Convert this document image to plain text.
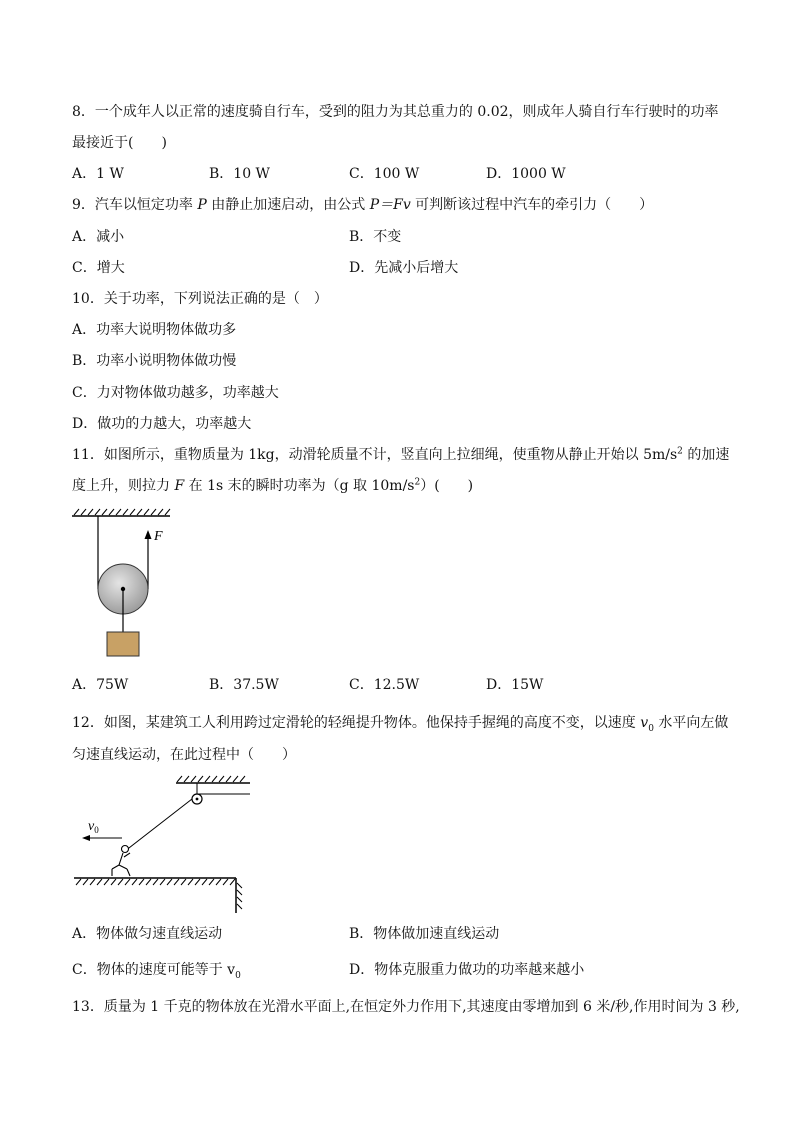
8．一个成年人以正常的速度骑自行车，受到的阻力为其总重力的 0.02，则成年人骑自行车行驶时的功率
最接近于(　　)
A．1 W	B．10 W	C．100 W	D．1000 W
9．汽车以恒定功率 P 由静止加速启动，由公式 P＝Fv 可判断该过程中汽车的牵引力（　　）
A．减小	B．不变
C．增大	D．先减小后增大
10．关于功率，下列说法正确的是（　）
A．功率大说明物体做功多
B．功率小说明物体做功慢
C．力对物体做功越多，功率越大
D．做功的力越大，功率越大
11．如图所示，重物质量为 1kg，动滑轮质量不计，竖直向上拉细绳，使重物从静止开始以 $5m/s^2$ 的加速
度上升，则拉力 F 在 1s 末的瞬时功率为（g 取 $10m/s^2$）(　　)
F
A．75W	B．37.5W	C．12.5W	D．15W
12．如图，某建筑工人利用跨过定滑轮的轻绳提升物体。他保持手握绳的高度不变，以速度 $v_0$ 水平向左做
匀速直线运动，在此过程中（　　）
$v_0$
A．物体做匀速直线运动	B．物体做加速直线运动
C．物体的速度可能等于 $v_0$	D．物体克服重力做功的功率越来越小
13．质量为 1 千克的物体放在光滑水平面上,在恒定外力作用下,其速度由零增加到 6 米/秒,作用时间为 3 秒,
